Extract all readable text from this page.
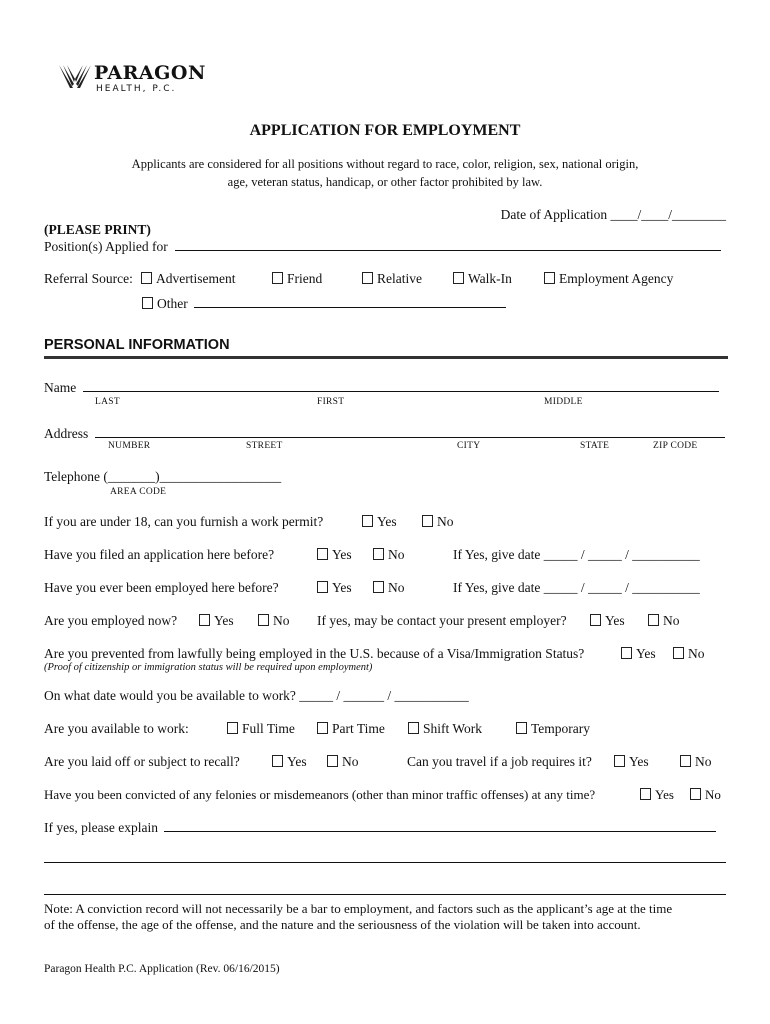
PARAGON
HEALTH, P.C.
APPLICATION FOR EMPLOYMENT
Applicants are considered for all positions without regard to race, color, religion, sex, national origin,
age, veteran status, handicap, or other factor prohibited by law.
Date of Application ____/____/________
(PLEASE PRINT)
Position(s) Applied for
Referral Source:	Advertisement	Friend	Relative	Walk-In	Employment Agency
Other
PERSONAL INFORMATION
Name
LAST	FIRST	MIDDLE
Address
NUMBER	STREET	CITY	STATE	ZIP CODE
Telephone (_______)__________________
AREA CODE
If you are under 18, can you furnish a work permit?	Yes	No
Have you filed an application here before?	Yes	No	If Yes, give date _____ / _____ / __________
Have you ever been employed here before?	Yes	No	If Yes, give date _____ / _____ / __________
Are you employed now?	Yes	No If yes, may be contact your present employer?	Yes	No
Are you prevented from lawfully being employed in the U.S. because of a Visa/Immigration Status?	Yes	No
(Proof of citizenship or immigration status will be required upon employment)
On what date would you be available to work? _____ / ______ / ___________
Are you available to work:	Full Time	Part Time	Shift Work	Temporary
Are you laid off or subject to recall?	Yes	No	Can you travel if a job requires it?	Yes	No
Have you been convicted of any felonies or misdemeanors (other than minor traffic offenses) at any time?	Yes	No
If yes, please explain
Note: A conviction record will not necessarily be a bar to employment, and factors such as the applicant’s age at the time
of the offense, the age of the offense, and the nature and the seriousness of the violation will be taken into account.
Paragon Health P.C. Application (Rev. 06/16/2015)
